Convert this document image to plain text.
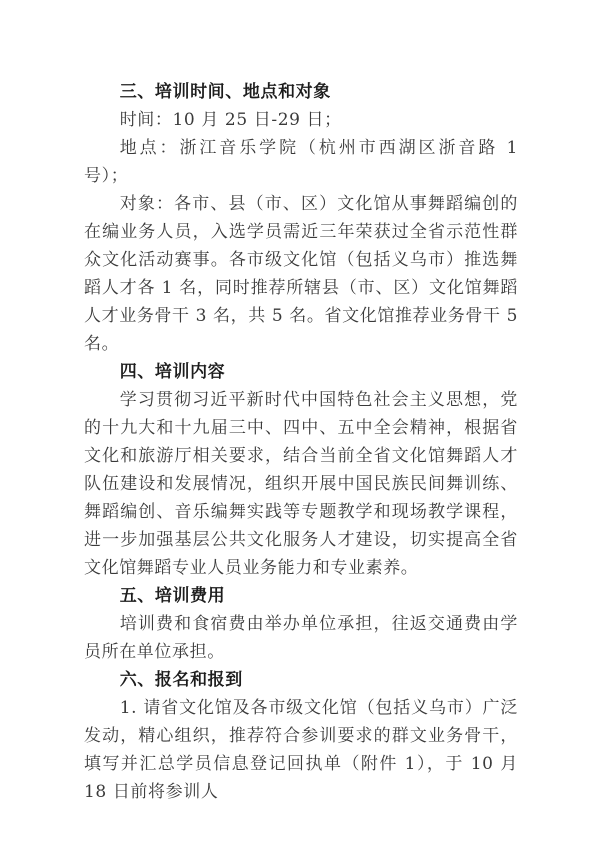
三、培训时间、地点和对象

时间：10 月 25 日-29 日；

地点：浙江音乐学院（杭州市西湖区浙音路 1 号）；

对象：各市、县（市、区）文化馆从事舞蹈编创的在编业务人员，入选学员需近三年荣获过全省示范性群众文化活动赛事。各市级文化馆（包括义乌市）推选舞蹈人才各 1 名，同时推荐所辖县（市、区）文化馆舞蹈人才业务骨干 3 名，共 5 名。省文化馆推荐业务骨干 5 名。

四、培训内容

学习贯彻习近平新时代中国特色社会主义思想，党的十九大和十九届三中、四中、五中全会精神，根据省文化和旅游厅相关要求，结合当前全省文化馆舞蹈人才队伍建设和发展情况，组织开展中国民族民间舞训练、舞蹈编创、音乐编舞实践等专题教学和现场教学课程，进一步加强基层公共文化服务人才建设，切实提高全省文化馆舞蹈专业人员业务能力和专业素养。

五、培训费用

培训费和食宿费由举办单位承担，往返交通费由学员所在单位承担。

六、报名和报到

1. 请省文化馆及各市级文化馆（包括义乌市）广泛发动，精心组织，推荐符合参训要求的群文业务骨干，填写并汇总学员信息登记回执单（附件 1），于 10 月 18 日前将参训人
